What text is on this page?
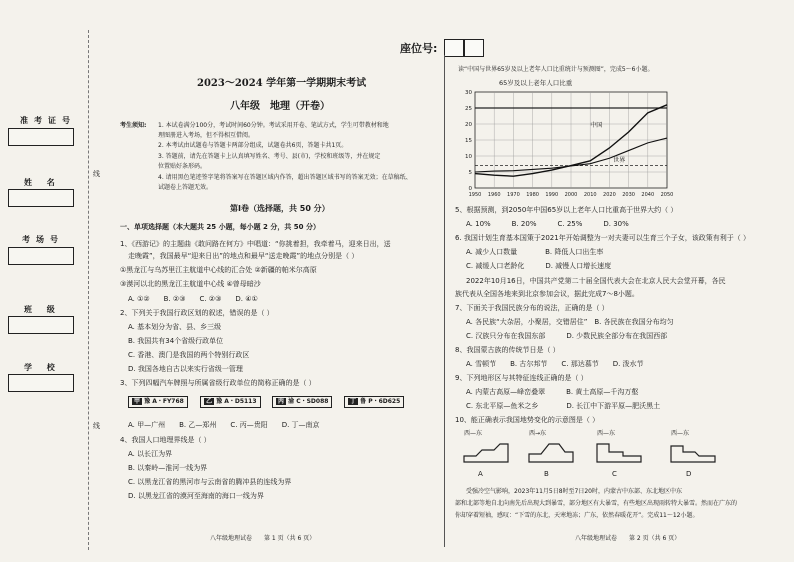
准考证号
姓 名
考场号
班 级
学 校
线
线
座位号:
2023～2024 学年第一学期期末考试
八年级　地理（开卷）
考生须知: 1. 本试卷满分100分，考试时间60分钟。考试采用开卷、笔试方式，学生可带教材和地
理图册进入考场，但不得相互借阅。
2. 本考试由试题卷与答题卡两部分组成，试题卷共6页，答题卡共1页。
3. 答题前，请先在答题卡上认真填写姓名、考号、县(市)，学校和班级等，并在规定
位置贴好条形码。
4. 请用黑色笔迹签字笔将答案写在答题区域内作答，超出答题区域书写的答案无效；在草稿纸、
试题卷上答题无效。
第Ⅰ卷（选择题，共 50 分）
一、单项选择题（本大题共 25 小题，每小题 2 分，共 50 分）
1、《西游记》的主题曲《敢问路在何方》中唱道：“你挑着担，我牵着马，迎来日出，送
走晚霞”，我国最早“迎来日出”的地点和最早“送走晚霞”的地点分别是（ ）
①黑龙江与乌苏里江主航道中心线的汇合处 ②新疆的帕米尔高原
③漠河以北的黑龙江主航道中心线 ④曾母暗沙
A. ①②　　B. ②③　　C. ②③　　D. ④①
2、下列关于我国行政区划的叙述，错误的是（ ）
A. 基本划分为省、县、乡三级
B. 我国共有34个省级行政单位
C. 香港、澳门是我国的两个特别行政区
D. 我国各地自古以来实行省级一管理
3、下列四幅汽车牌照与所属省级行政单位的简称正确的是（ ）
甲 豫 A・FY768	乙 豫 A・D5113	丙 渝 C・SD088	丁 鲁 P・6D625
A. 甲—广州　　B. 乙—郑州　　C. 丙—贵阳　　D. 丁—南京
4、我国人口地理界线是（ ）
A. 以长江为界
B. 以秦岭—淮河一线为界
C. 以黑龙江省的黑河市与云南省的腾冲县的连线为界
D. 以黑龙江省的漠河至海南的海口一线为界
八年级地理试卷　　第 1 页（共 6 页）
读“中国与世界65岁及以上老年人口比重统计与预测图”，完成5～6小题。
65岁及以上老年人口比重
0
5
10
15
20
25
30
1950 1960 1970 1980 1990 2000 2010 2020 2030 2040 2050
中国
世界
5、根据预测，到2050年中国65岁以上老年人口比重高于世界大约（ ）
A. 10%　　　B. 20%　　　C. 25%　　　D. 30%
6. 我国计划生育基本国策于2021年开始调整为一对夫妻可以生育三个子女，该政策有利于（ ）
A. 减少人口数量　　　　B. 降低人口出生率
C. 减缓人口老龄化　　　D. 减慢人口增长速度
2022年10月16日，中国共产党第二十届全国代表大会在北京人民大会堂开幕，各民
族代表从全国各地来到北京参加会议，据此完成7～8小题。
7、下面关于我国民族分布的说法，正确的是（ ）
A. 各民族“大杂居，小聚居，交错居住”　B. 各民族在我国分布均匀
C. 汉族只分布在我国东部　　　D. 少数民族全部分布在我国西部
8、我国蒙古族的传统节日是（ ）
A. 雪顿节　　B. 古尔邦节　　C. 那达慕节　　D. 泼水节
9、下列地形区与其特征连线正确的是（ ）
A. 内蒙古高原—峰峦叠翠　　　B. 黄土高原—千沟万壑
C. 东北平原—鱼米之乡　　　　D. 长江中下游平原—肥沃黑土
10、能正确表示我国地势变化的示意图是（ ）
西—东
A
西→东
B
西—东
C
西—东
D
受强冷空气影响，2023年11月5日8时至7日20时，内蒙古中东部、东北地区中东
部和北部等地自北向南先后出现大到暴雪，部分地区有大暴雪，有些地区出现雨转特大暴雪。然而在广东的
你却穿着短袖，感叹：“下雪的东北，天寒地冻；广东，依然春暖花开”。完成11～12小题。
八年级地理试卷　　第 2 页（共 6 页）
